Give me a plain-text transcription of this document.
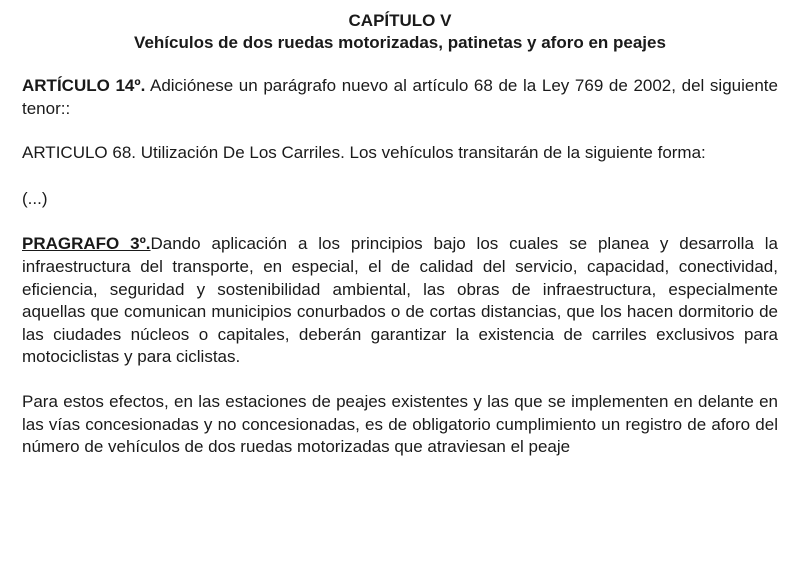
CAPÍTULO V
Vehículos de dos ruedas motorizadas, patinetas y aforo en peajes

ARTÍCULO 14º. Adiciónese un parágrafo nuevo al artículo 68 de la Ley 769 de 2002, del siguiente tenor::

ARTICULO 68. Utilización De Los Carriles. Los vehículos transitarán de la siguiente forma:

(...)

PRAGRAFO 3º.Dando aplicación a los principios bajo los cuales se planea y desarrolla la infraestructura del transporte, en especial, el de calidad del servicio, capacidad, conectividad, eficiencia, seguridad y sostenibilidad ambiental, las obras de infraestructura, especialmente aquellas que comunican municipios conurbados o de cortas distancias, que los hacen dormitorio de las ciudades núcleos o capitales, deberán garantizar la existencia de carriles exclusivos para motociclistas y para ciclistas.

Para estos efectos, en las estaciones de peajes existentes y las que se implementen en delante en las vías concesionadas y no concesionadas, es de obligatorio cumplimiento un registro de aforo del número de vehículos de dos ruedas motorizadas que atraviesan el peaje
